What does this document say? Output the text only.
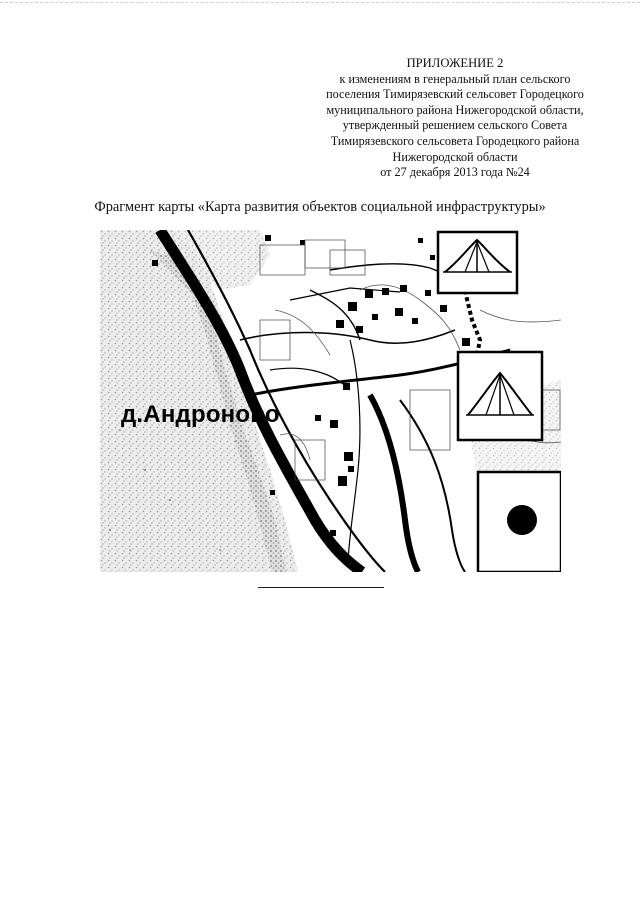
ПРИЛОЖЕНИЕ 2
к изменениям в генеральный план сельского
поселения Тимирязевский сельсовет Городецкого
муниципального района Нижегородской области,
утвержденный решением сельского Совета
Тимирязевского сельсовета Городецкого района
Нижегородской области
от 27 декабря 2013 года №24
Фрагмент карты «Карта развития объектов социальной инфраструктуры»
д.Андроново
